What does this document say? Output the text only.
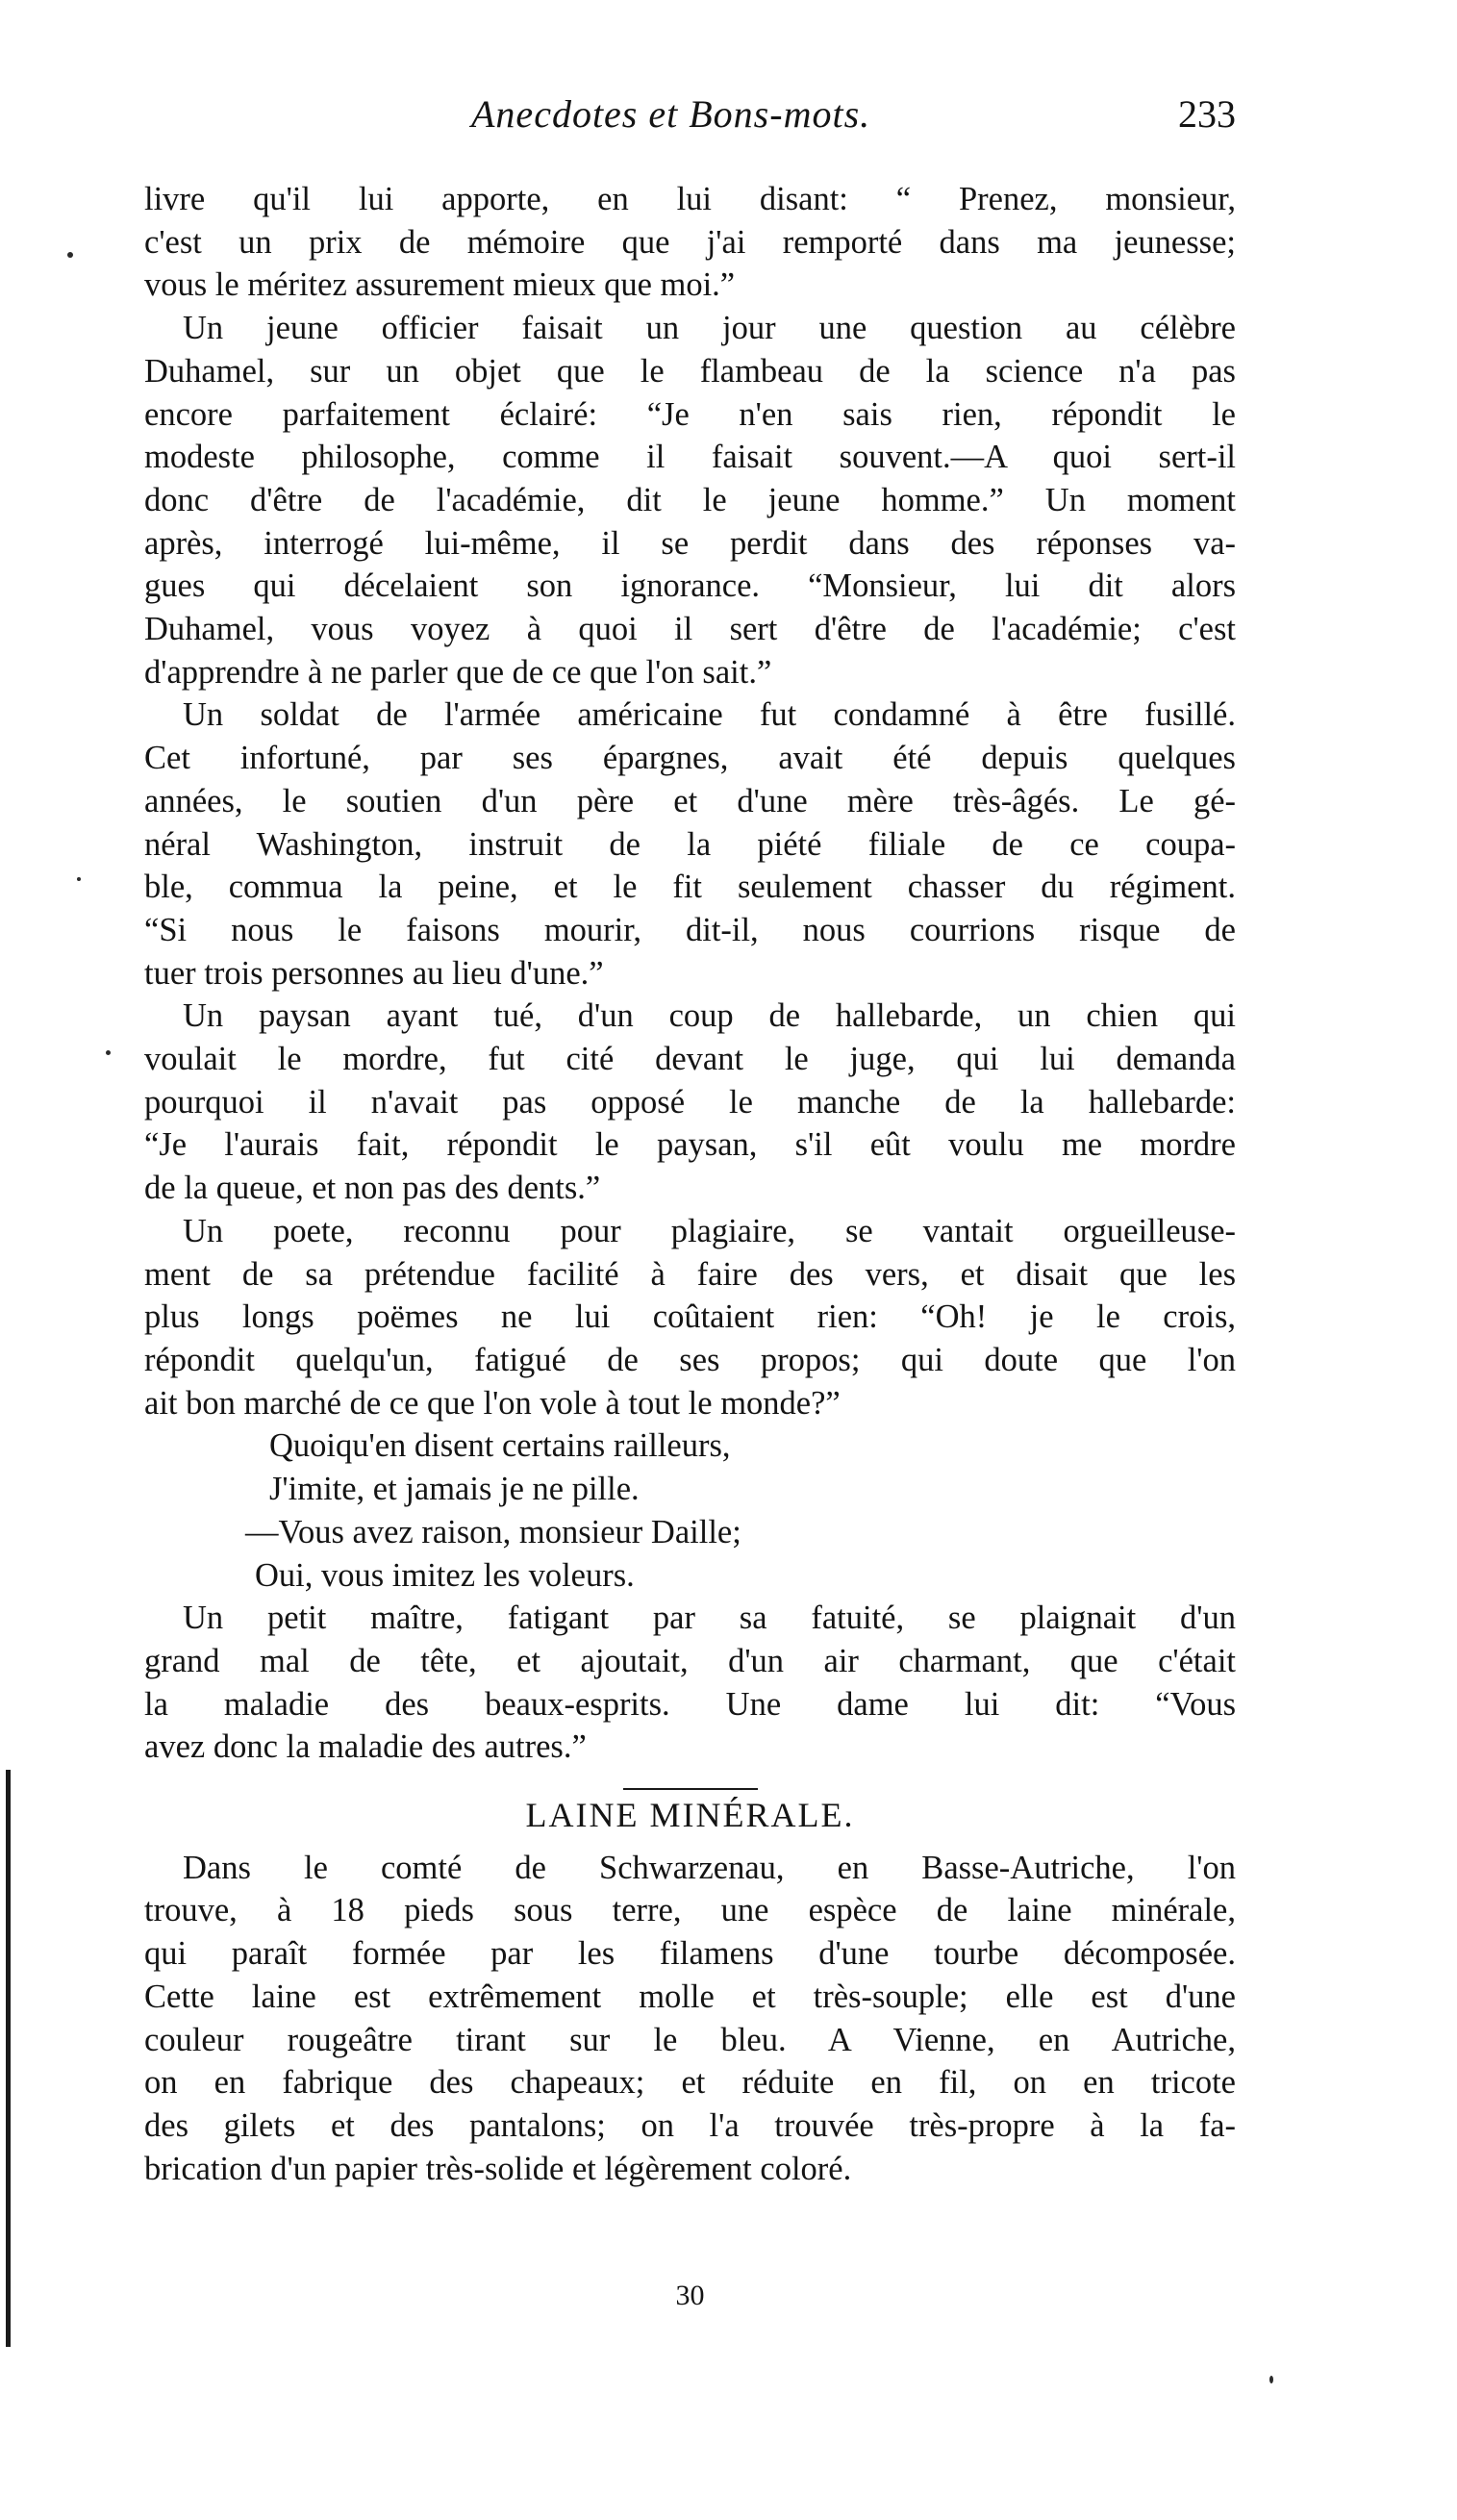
Anecdotes et Bons-mots.	233

livre qu'il lui apporte, en lui disant: “ Prenez, monsieur,
c'est un prix de mémoire que j'ai remporté dans ma jeunesse;
vous le méritez assurement mieux que moi.”

Un jeune officier faisait un jour une question au célèbre
Duhamel, sur un objet que le flambeau de la science n'a pas
encore parfaitement éclairé: “Je n'en sais rien, répondit le
modeste philosophe, comme il faisait souvent.—A quoi sert-il
donc d'être de l'académie, dit le jeune homme.” Un moment
après, interrogé lui-même, il se perdit dans des réponses va-
gues qui décelaient son ignorance. “Monsieur, lui dit alors
Duhamel, vous voyez à quoi il sert d'être de l'académie; c'est
d'apprendre à ne parler que de ce que l'on sait.”

Un soldat de l'armée américaine fut condamné à être fusillé.
Cet infortuné, par ses épargnes, avait été depuis quelques
années, le soutien d'un père et d'une mère très-âgés. Le gé-
néral Washington, instruit de la piété filiale de ce coupa-
ble, commua la peine, et le fit seulement chasser du régiment.
“Si nous le faisons mourir, dit-il, nous courrions risque de
tuer trois personnes au lieu d'une.”

Un paysan ayant tué, d'un coup de hallebarde, un chien qui
voulait le mordre, fut cité devant le juge, qui lui demanda
pourquoi il n'avait pas opposé le manche de la hallebarde:
“Je l'aurais fait, répondit le paysan, s'il eût voulu me mordre
de la queue, et non pas des dents.”

Un poete, reconnu pour plagiaire, se vantait orgueilleuse-
ment de sa prétendue facilité à faire des vers, et disait que les
plus longs poëmes ne lui coûtaient rien: “Oh! je le crois,
répondit quelqu'un, fatigué de ses propos; qui doute que l'on
ait bon marché de ce que l'on vole à tout le monde?”

Quoiqu'en disent certains railleurs,
J'imite, et jamais je ne pille.
—Vous avez raison, monsieur Daille;
Oui, vous imitez les voleurs.

Un petit maître, fatigant par sa fatuité, se plaignait d'un
grand mal de tête, et ajoutait, d'un air charmant, que c'était
la maladie des beaux-esprits. Une dame lui dit: “Vous
avez donc la maladie des autres.”

LAINE MINÉRALE.

Dans le comté de Schwarzenau, en Basse-Autriche, l'on
trouve, à 18 pieds sous terre, une espèce de laine minérale,
qui paraît formée par les filamens d'une tourbe décomposée.
Cette laine est extrêmement molle et très-souple; elle est d'une
couleur rougeâtre tirant sur le bleu. A Vienne, en Autriche,
on en fabrique des chapeaux; et réduite en fil, on en tricote
des gilets et des pantalons; on l'a trouvée très-propre à la fa-
brication d'un papier très-solide et légèrement coloré.

30
